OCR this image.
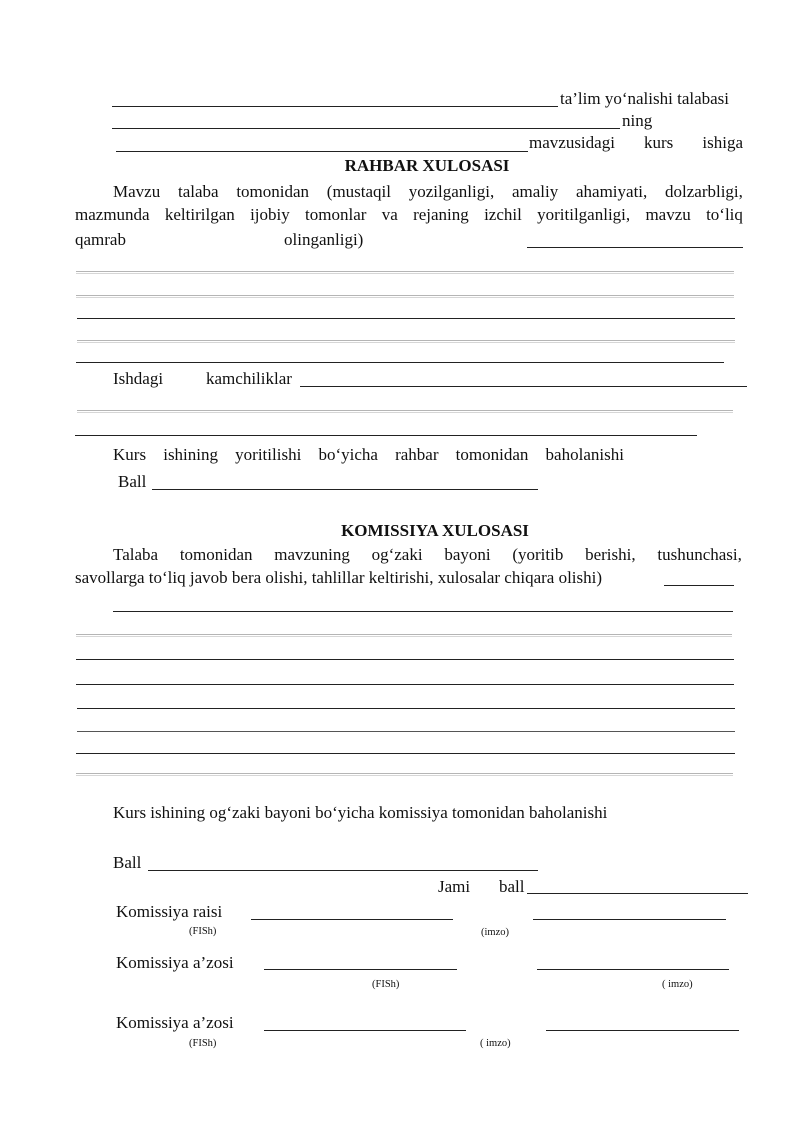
ta’lim yo‘nalishi talabasi
ning
mavzusidagi kurs ishiga
RAHBAR XULOSASI
Mavzu talaba tomonidan (mustaqil yozilganligi, amaliy ahamiyati, dolzarbligi,
mazmunda keltirilgan ijobiy tomonlar va rejaning izchil yoritilganligi, mavzu to‘liq
qamrab	olinganligi)
Ishdagi	kamchiliklar
Kurs ishining yoritilishi bo‘yicha rahbar tomonidan baholanishi
Ball
KOMISSIYA XULOSASI
Talaba tomonidan mavzuning og‘zaki bayoni (yoritib berishi, tushunchasi,
savollarga to‘liq javob bera olishi, tahlillar keltirishi, xulosalar chiqara olishi)
Kurs ishining og‘zaki bayoni bo‘yicha komissiya tomonidan baholanishi
Ball
Jami ball
Komissiya raisi
(FISh)	(imzo)
Komissiya a’zosi
(FISh)	( imzo)
Komissiya a’zosi
(FISh)	( imzo)
